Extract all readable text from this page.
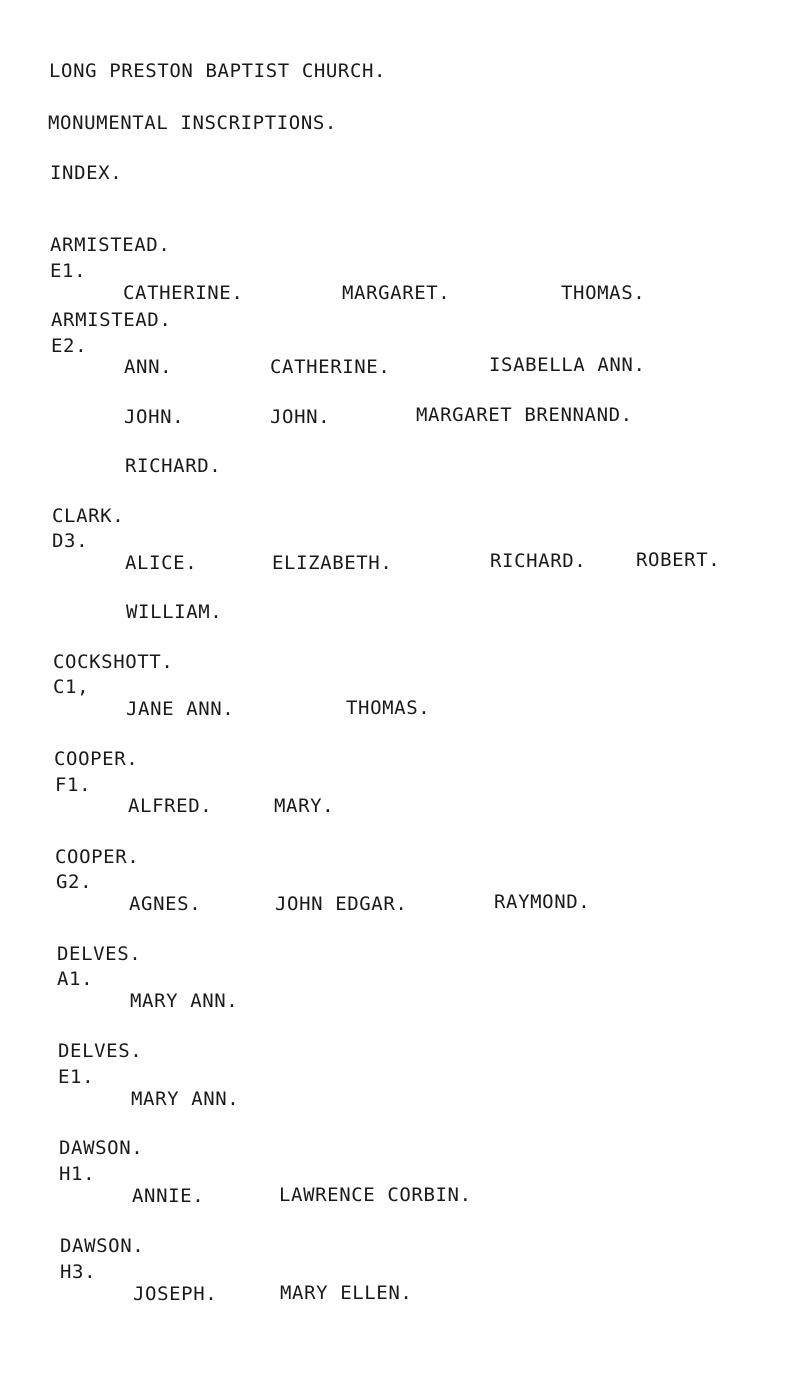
LONG PRESTON BAPTIST CHURCH.
MONUMENTAL INSCRIPTIONS.
INDEX.
ARMISTEAD.
E1.
CATHERINE.	MARGARET.	THOMAS.
ARMISTEAD.
E2.
ANN.	CATHERINE.	ISABELLA ANN.
JOHN.	JOHN.	MARGARET BRENNAND.
RICHARD.
CLARK.
D3.
ALICE.	ELIZABETH.	RICHARD.	ROBERT.
WILLIAM.
COCKSHOTT.
C1,
JANE ANN.	THOMAS.
COOPER.
F1.
ALFRED.	MARY.
COOPER.
G2.
AGNES.	JOHN EDGAR.	RAYMOND.
DELVES.
A1.
MARY ANN.
DELVES.
E1.
MARY ANN.
DAWSON.
H1.
ANNIE.	LAWRENCE CORBIN.
DAWSON.
H3.
JOSEPH.	MARY ELLEN.
